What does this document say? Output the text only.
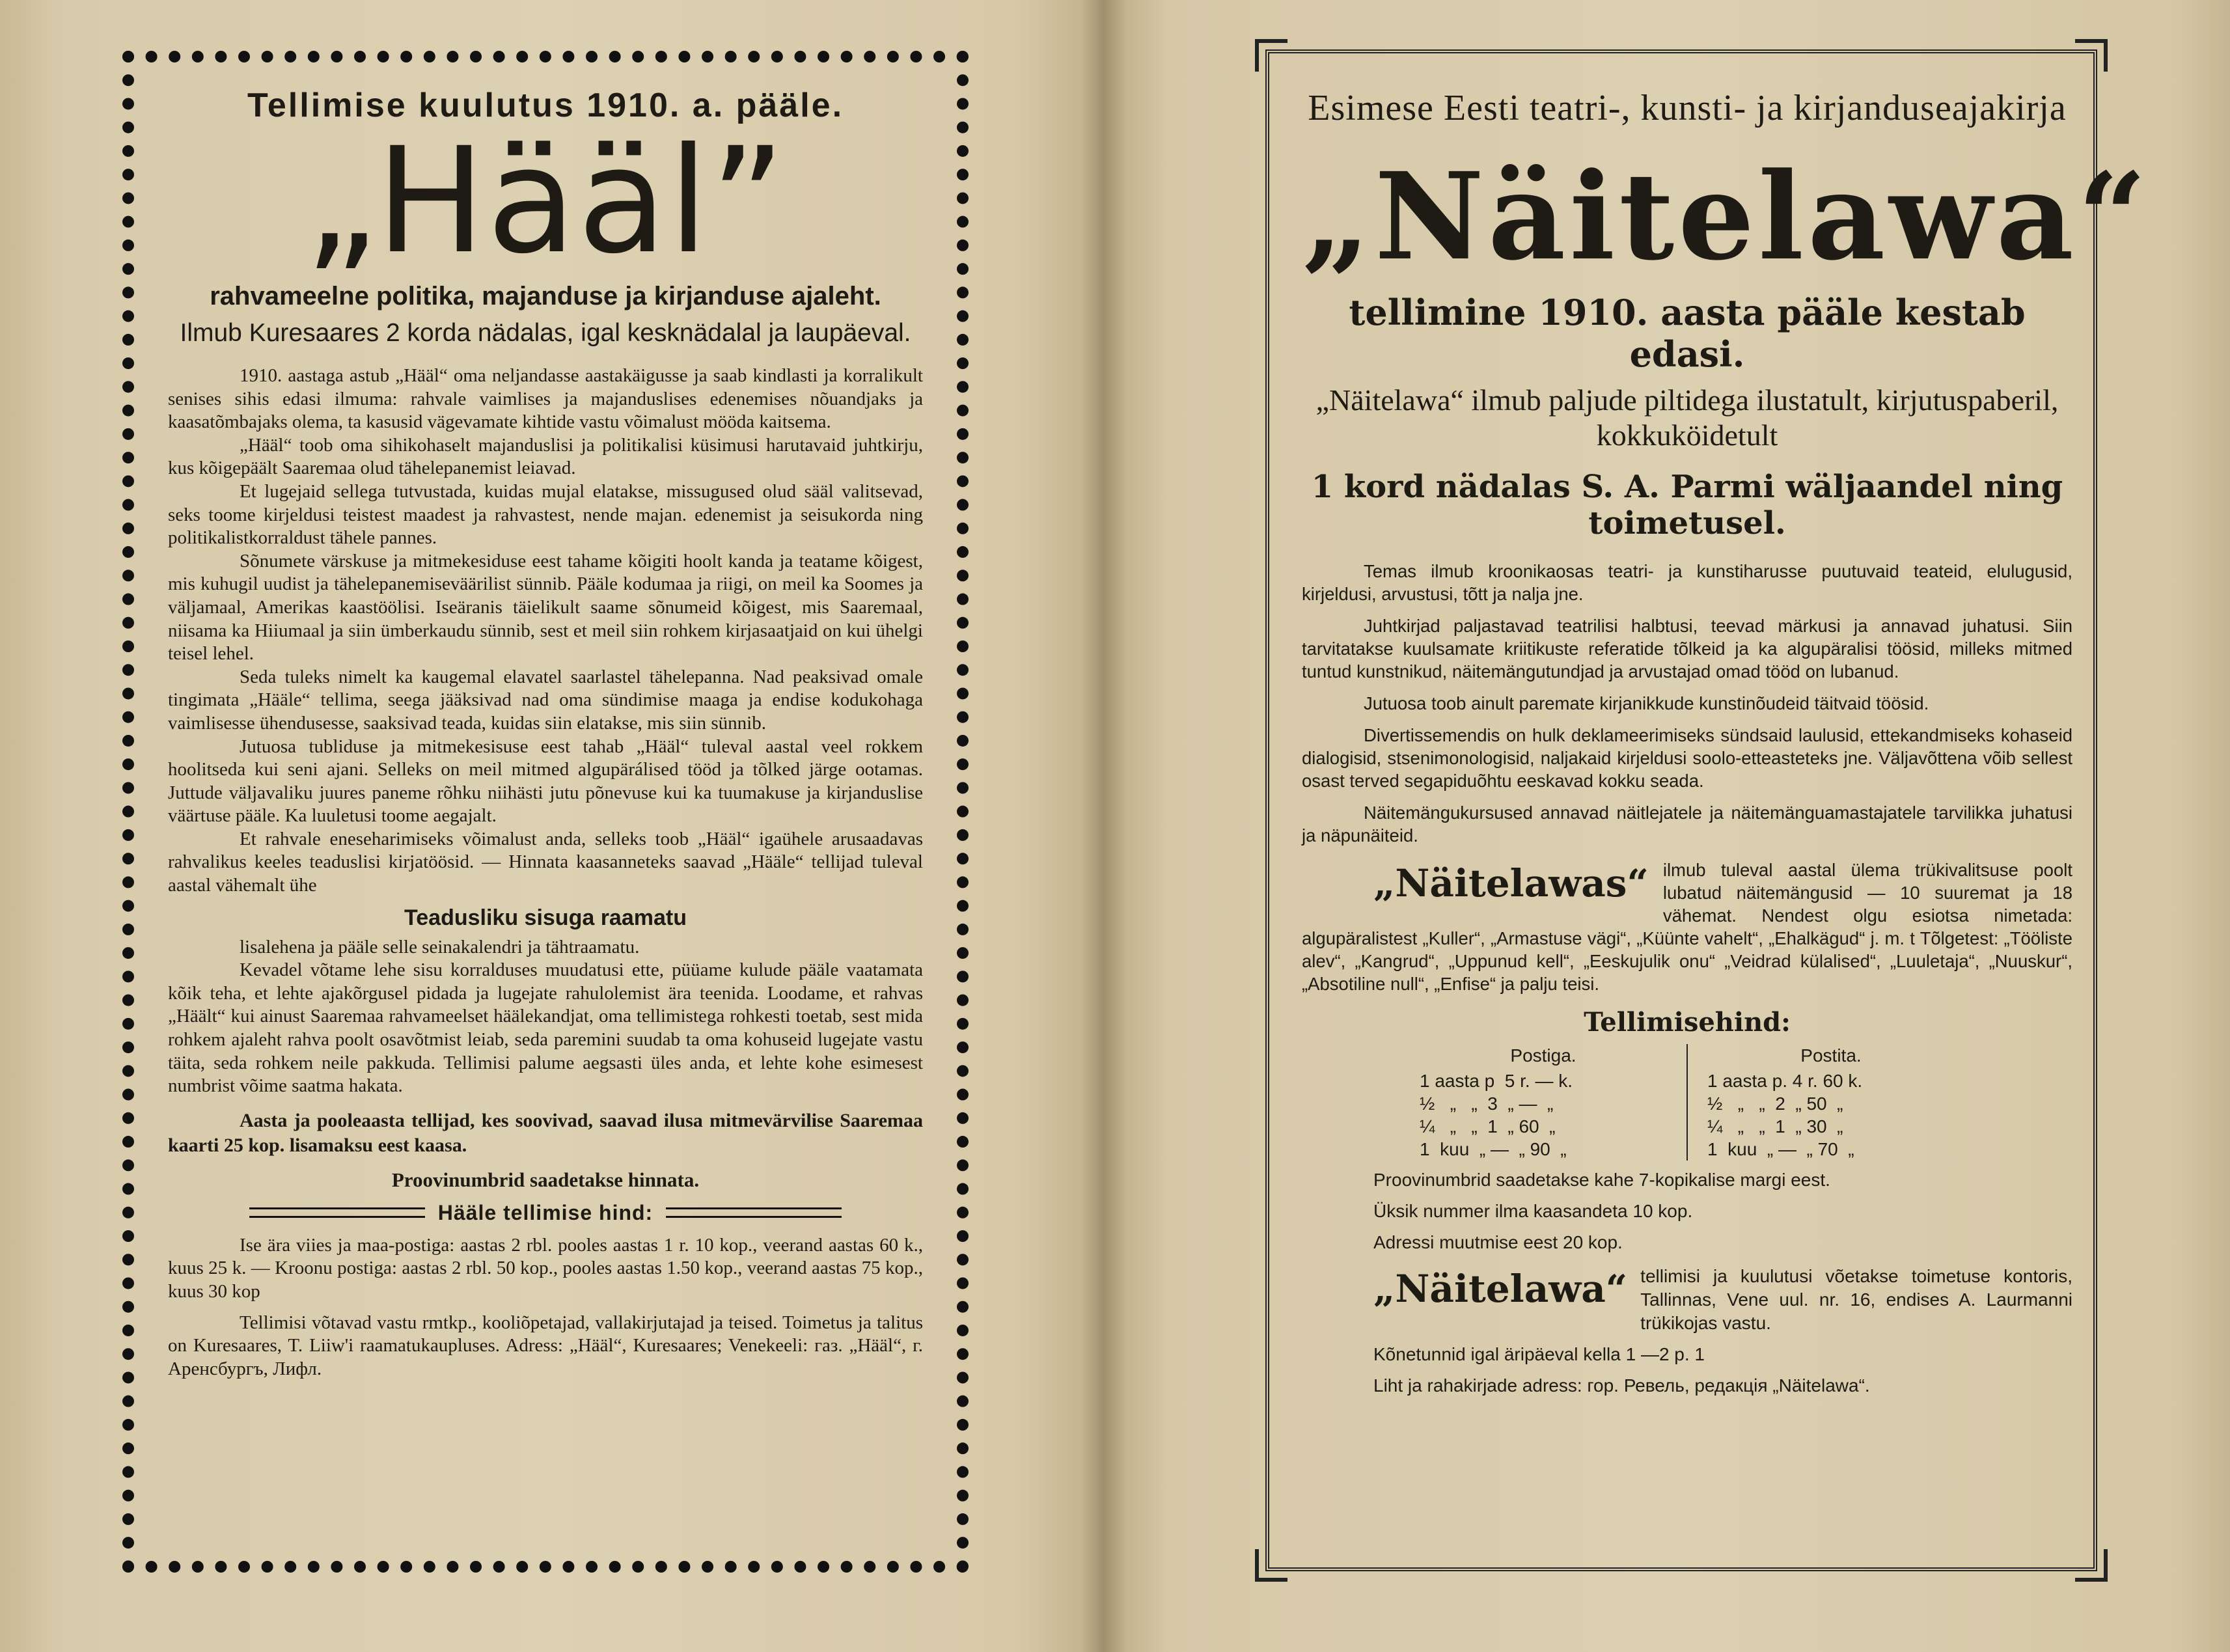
Tellimise kuulutus 1910. a. pääle.

„Hääl”

rahvameelne politika, majanduse ja kirjanduse ajaleht.

Ilmub Kuresaares 2 korda nädalas, igal kesknädalal ja laupäeval.

1910. aastaga astub „Hääl“ oma neljandasse aastakäigusse ja saab kindlasti ja korralikult senises sihis edasi ilmuma: rahvale vaimlises ja majanduslises edenemises nõuandjaks ja kaasatõmbajaks olema, ta kasusid vägevamate kihtide vastu võimalust mööda kaitsema.

„Hääl“ toob oma sihikohaselt majanduslisi ja politikalisi küsimusi harutavaid juhtkirju, kus kõigepäält Saaremaa olud tähelepanemist leiavad.

Et lugejaid sellega tutvustada, kuidas mujal elatakse, missugused olud sääl valitsevad, seks toome kirjeldusi teistest maadest ja rahvastest, nende majan. edenemist ja seisukorda ning politikalistkorraldust tähele pannes.

Sõnumete värskuse ja mitmekesiduse eest tahame kõigiti hoolt kanda ja teatame kõigest, mis kuhugil uudist ja tähelepanemiseväärilist sünnib. Pääle kodumaa ja riigi, on meil ka Soomes ja väljamaal, Amerikas kaastöölisi. Iseäranis täielikult saame sõnumeid kõigest, mis Saaremaal, niisama ka Hiiumaal ja siin ümberkaudu sünnib, sest et meil siin rohkem kirjasaatjaid on kui ühelgi teisel lehel.

Seda tuleks nimelt ka kaugemal elavatel saarlastel tähelepanna. Nad peaksivad omale tingimata „Hääle“ tellima, seega jääksivad nad oma sündimise maaga ja endise kodukohaga vaimlisesse ühendusesse, saaksivad teada, kuidas siin elatakse, mis siin sünnib.

Jutuosa tubliduse ja mitmekesisuse eest tahab „Hääl“ tuleval aastal veel rokkem hoolitseda kui seni ajani. Selleks on meil mitmed algupärálised tööd ja tõlked järge ootamas. Juttude väljavaliku juures paneme rõhku niihästi jutu põnevuse kui ka tuumakuse ja kirjanduslise väärtuse pääle. Ka luuletusi toome aegajalt.

Et rahvale eneseharimiseks võimalust anda, selleks toob „Hääl“ igaühele arusaadavas rahvalikus keeles teaduslisi kirjatöösid. — Hinnata kaasanneteks saavad „Hääle“ tellijad tuleval aastal vähemalt ühe

Teadusliku sisuga raamatu

lisalehena ja pääle selle seinakalendri ja tähtraamatu.

Kevadel võtame lehe sisu korralduses muudatusi ette, püüame kulude pääle vaatamata kõik teha, et lehte ajakõrgusel pidada ja lugejate rahulolemist ära teenida. Loodame, et rahvas „Häält“ kui ainust Saaremaa rahvameelset häälekandjat, oma tellimistega rohkesti toetab, sest mida rohkem ajaleht rahva poolt osavõtmist leiab, seda paremini suudab ta oma kohuseid lugejate vastu täita, seda rohkem neile pakkuda. Tellimisi palume aegsasti üles anda, et lehte kohe esimesest numbrist võime saatma hakata.

Aasta ja pooleaasta tellijad, kes soovivad, saavad ilusa mitmevärvilise Saaremaa kaarti 25 kop. lisamaksu eest kaasa.

Proovinumbrid saadetakse hinnata.

Hääle tellimise hind:

Ise ära viies ja maa-postiga: aastas 2 rbl. pooles aastas 1 r. 10 kop., veerand aastas 60 k., kuus 25 k. — Kroonu postiga: aastas 2 rbl. 50 kop., pooles aastas 1.50 kop., veerand aastas 75 kop., kuus 30 kop

Tellimisi võtavad vastu rmtkp., kooliõpetajad, vallakirjutajad ja teised. Toimetus ja talitus on Kuresaares, T. Liiw'i raamatukaupluses. Adress: „Hääl“, Kuresaares; Venekeeli: газ. „Hääl“, г. Аренсбургъ, Лифл.

Esimese Eesti teatri-, kunsti- ja kirjanduseajakirja

„Näitelawa“

tellimine 1910. aasta pääle kestab edasi.

„Näitelawa“ ilmub paljude piltidega ilustatult, kirjutuspaberil, kokkuköidetult

1 kord nädalas S. A. Parmi wäljaandel ning toimetusel.

Temas ilmub kroonikaosas teatri- ja kunstiharusse puutuvaid teateid, elulugusid, kirjeldusi, arvustusi, tõtt ja nalja jne.

Juhtkirjad paljastavad teatrilisi halbtusi, teevad märkusi ja annavad juhatusi. Siin tarvitatakse kuulsamate kriitikuste referatide tõlkeid ja ka algupäralisi töösid, milleks mitmed tuntud kunstnikud, näitemängutundjad ja arvustajad omad tööd on lubanud.

Jutuosa toob ainult paremate kirjanikkude kunstinõudeid täitvaid töösid.

Divertissemendis on hulk deklameerimiseks sündsaid laulusid, ettekandmiseks kohaseid dialogisid, stsenimonologisid, naljakaid kirjeldusi soolo-etteasteteks jne. Väljavõttena võib sellest osast terved segapiduõhtu eeskavad kokku seada.

Näitemängukursused annavad näitlejatele ja näitemänguamastajatele tarvilikka juhatusi ja näpunäiteid.

„Näitelawas“ ilmub tuleval aastal ülema trükivalitsuse poolt lubatud näitemängusid — 10 suuremat ja 18 vähemat. Nendest olgu esiotsa nimetada: algupäralistest „Kuller“, „Armastuse vägi“, „Küünte vahelt“, „Ehalkägud“ j. m. t Tõlgetest: „Tööliste alev“, „Kangrud“, „Uppunud kell“, „Eeskujulik onu“ „Veidrad külalised“, „Luuletaja“, „Nuuskur“, „Absotiline null“, „Enfise“ ja palju teisi.

Tellimisehind:

Postiga.
1 aasta p  5 r. — k.
½   „   „  3  „ —  „
¼   „   „  1  „ 60  „
1  kuu  „ —  „ 90  „
Postita.
1 aasta p. 4 r. 60 k.
½   „   „  2  „ 50  „
¼   „   „  1  „ 30  „
1  kuu  „ —  „ 70  „

Proovinumbrid saadetakse kahe 7-kopikalise margi eest.

Üksik nummer ilma kaasandeta 10 kop.

Adressi muutmise eest 20 kop.

„Näitelawa“ tellimisi ja kuulutusi võetakse toimetuse kontoris, Tallinnas, Vene uul. nr. 16, endises A. Laurmanni trükikojas vastu.

Kõnetunnid igal äripäeval kella 1 —2 p. 1

Liht ja rahakirjade adress: гор. Ревель, редакція „Näitelawa“.
